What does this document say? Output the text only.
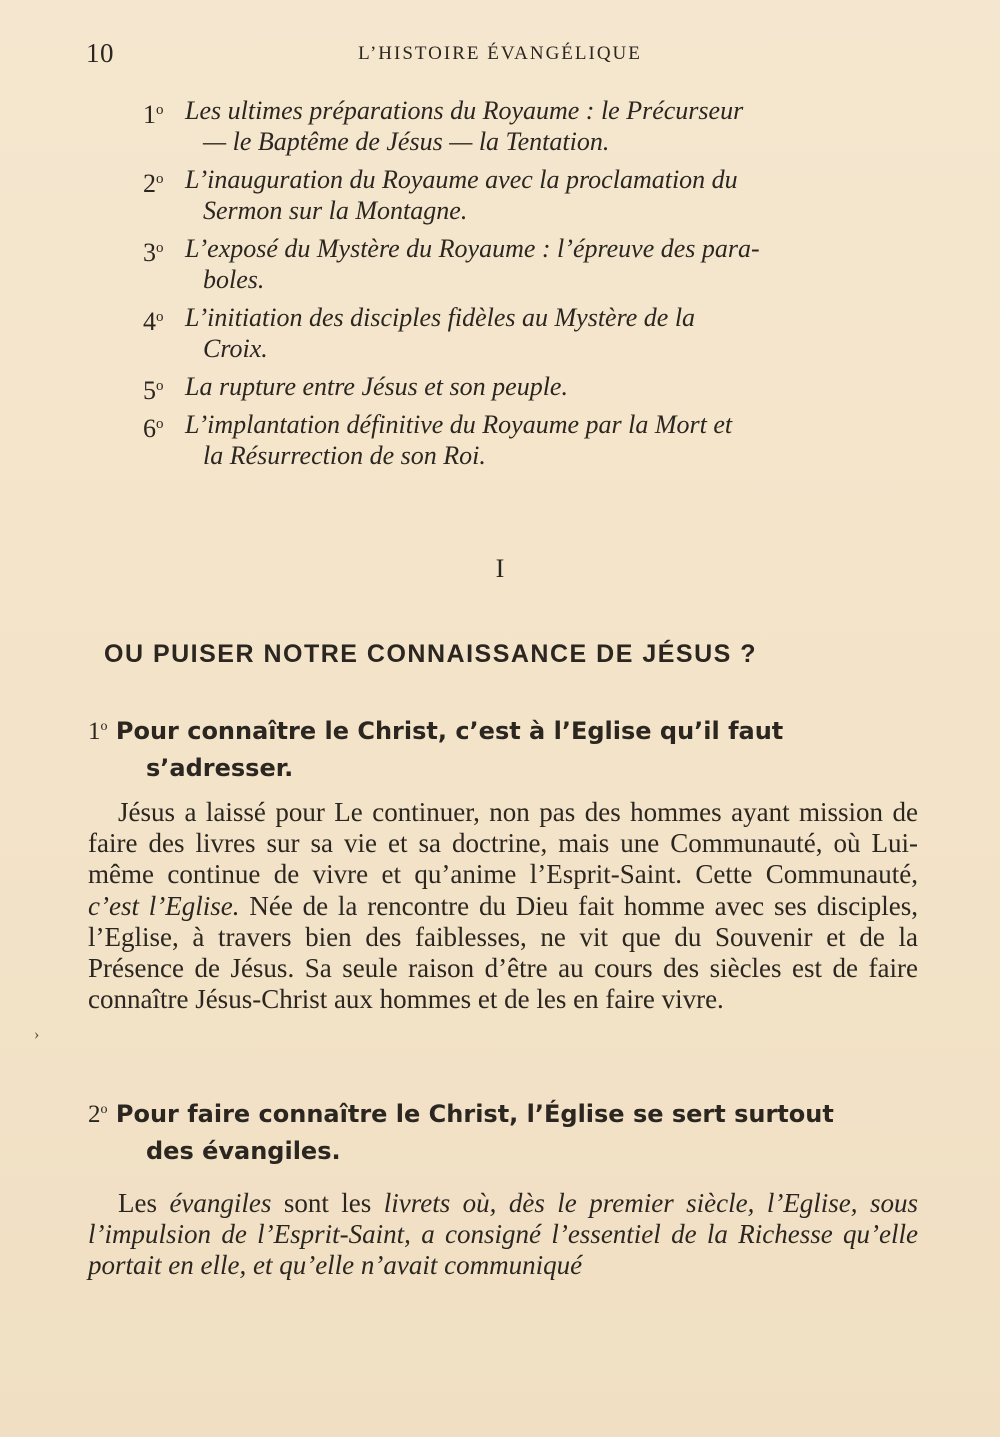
10	L’HISTOIRE ÉVANGÉLIQUE
1$^o$ Les ultimes préparations du Royaume : le Précurseur
— le Baptême de Jésus — la Tentation.
2$^o$ L’inauguration du Royaume avec la proclamation du
Sermon sur la Montagne.
3$^o$ L’exposé du Mystère du Royaume : l’épreuve des para-
boles.
4$^o$ L’initiation des disciples fidèles au Mystère de la
Croix.
5$^o$ La rupture entre Jésus et son peuple.
6$^o$ L’implantation définitive du Royaume par la Mort et
la Résurrection de son Roi.
I
OU PUISER NOTRE CONNAISSANCE DE JÉSUS ?
1$^o$ Pour connaître le Christ, c’est à l’Eglise qu’il faut
s’adresser.

Jésus a laissé pour Le continuer, non pas des hommes ayant mission de faire des livres sur sa vie et sa doctrine, mais une Communauté, où Lui-même continue de vivre et qu’anime l’Esprit-Saint. Cette Communauté, c’est l’Eglise. Née de la rencontre du Dieu fait homme avec ses disciples, l’Eglise, à travers bien des faiblesses, ne vit que du Souvenir et de la Présence de Jésus. Sa seule raison d’être au cours des siècles est de faire connaître Jésus-Christ aux hommes et de les en faire vivre.

›
2$^o$ Pour faire connaître le Christ, l’Église se sert surtout
des évangiles.

Les évangiles sont les livrets où, dès le premier siècle, l’Eglise, sous l’impulsion de l’Esprit-Saint, a consigné l’essentiel de la Richesse qu’elle portait en elle, et qu’elle n’avait communiqué
